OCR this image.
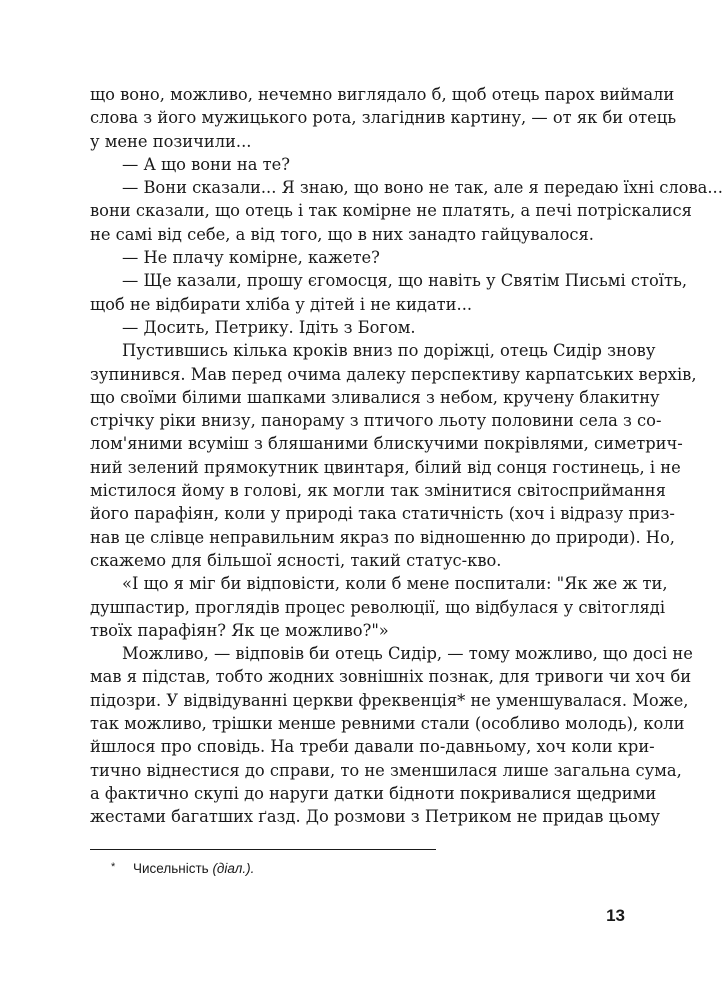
що воно, можливо, нечемно виглядало б, щоб отець парох виймали
слова з його мужицького рота, злагіднив картину, — от як би отець
у мене позичили...
— А що вони на те?
— Вони сказали... Я знаю, що воно не так, але я передаю їхні слова...
вони сказали, що отець і так комірне не платять, а печі потріскалися
не самі від себе, а від того, що в них занадто гайцувалося.
— Не плачу комірне, кажете?
— Ще казали, прошу єгомосця, що навіть у Святім Письмі стоїть,
щоб не відбирати хліба у дітей і не кидати...
— Досить, Петрику. Ідіть з Богом.
Пустившись кілька кроків вниз по доріжці, отець Сидір знову
зупинився. Мав перед очима далеку перспективу карпатських верхів,
що своїми білими шапками зливалися з небом, кручену блакитну
стрічку ріки внизу, панораму з птичого льоту половини села з со-
лом'яними всуміш з бляшаними блискучими покрівлями, симетрич-
ний зелений прямокутник цвинтаря, білий від сонця гостинець, і не
містилося йому в голові, як могли так змінитися світосприймання
його парафіян, коли у природі така статичність (хоч і відразу приз-
нав це слівце неправильним якраз по відношенню до природи). Но,
скажемо для більшої ясності, такий статус-кво.
«І що я міг би відповісти, коли б мене поспитали: "Як же ж ти,
душпастир, проглядів процес революції, що відбулася у світогляді
твоїх парафіян? Як це можливо?"»
Можливо, — відповів би отець Сидір, — тому можливо, що досі не
мав я підстав, тобто жодних зовнішніх познак, для тривоги чи хоч би
підозри. У відвідуванні церкви фреквенція* не уменшувалася. Може,
так можливо, трішки менше ревними стали (особливо молодь), коли
йшлося про сповідь. На треби давали по-давньому, хоч коли кри-
тично віднестися до справи, то не зменшилася лише загальна сума,
а фактично скупі до наруги датки бідноти покривалися щедрими
жестами багатших ґазд. До розмови з Петриком не придав цьому
* Чисельність (діал.).
13
